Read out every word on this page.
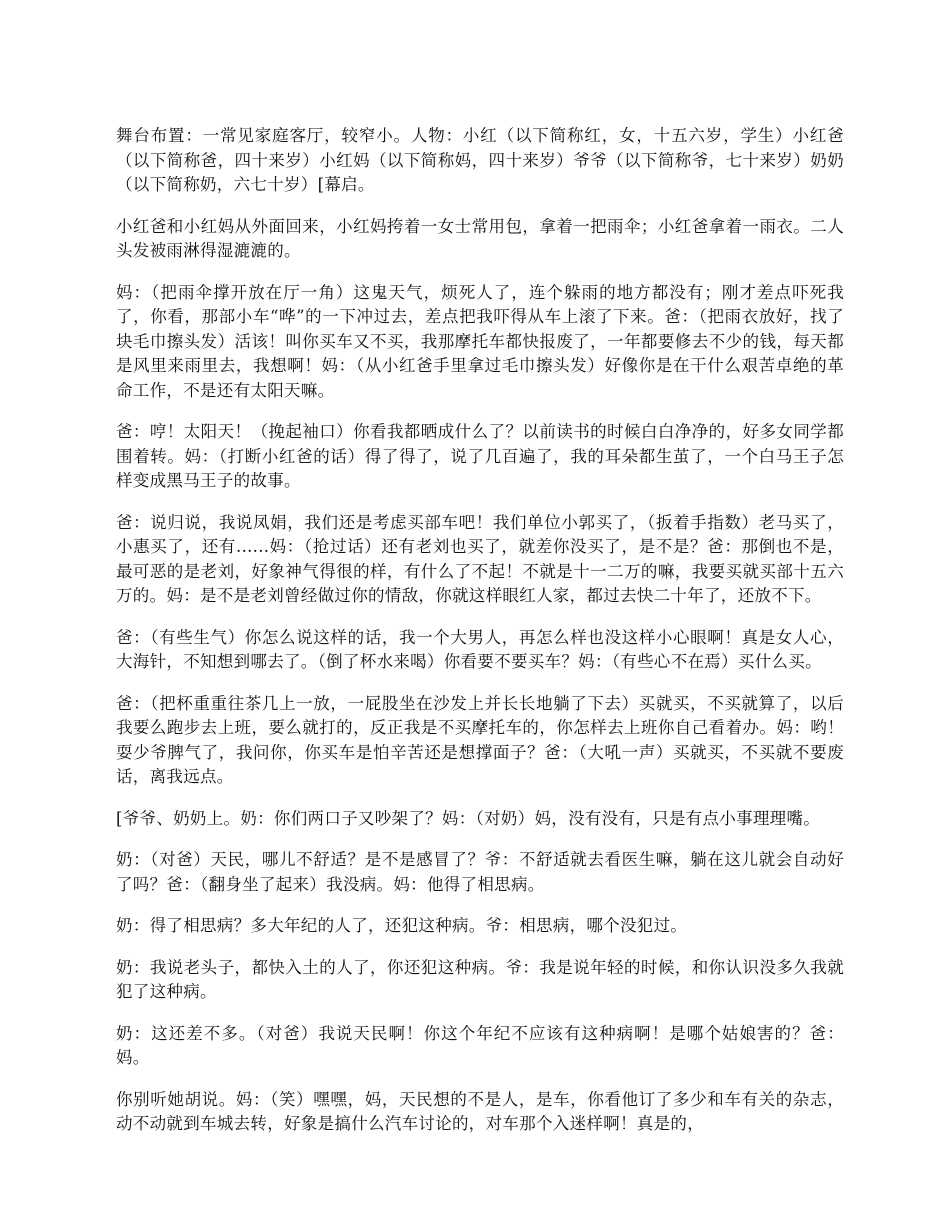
舞台布置：一常见家庭客厅，较窄小。人物：小红（以下简称红，女，十五六岁，学生）小红爸（以下简称爸，四十来岁）小红妈（以下简称妈，四十来岁）爷爷（以下简称爷，七十来岁）奶奶（以下简称奶，六七十岁）[幕启。

小红爸和小红妈从外面回来，小红妈挎着一女士常用包，拿着一把雨伞；小红爸拿着一雨衣。二人头发被雨淋得湿漉漉的。

妈：（把雨伞撑开放在厅一角）这鬼天气，烦死人了，连个躲雨的地方都没有；刚才差点吓死我了，你看，那部小车“哗”的一下冲过去，差点把我吓得从车上滚了下来。爸：（把雨衣放好，找了块毛巾擦头发）活该！叫你买车又不买，我那摩托车都快报废了，一年都要修去不少的钱，每天都是风里来雨里去，我想啊！妈：（从小红爸手里拿过毛巾擦头发）好像你是在干什么艰苦卓绝的革命工作，不是还有太阳天嘛。

爸：哼！太阳天！（挽起袖口）你看我都晒成什么了？以前读书的时候白白净净的，好多女同学都围着转。妈：（打断小红爸的话）得了得了，说了几百遍了，我的耳朵都生茧了，一个白马王子怎样变成黑马王子的故事。

爸：说归说，我说凤娟，我们还是考虑买部车吧！我们单位小郭买了，（扳着手指数）老马买了，小惠买了，还有......妈：（抢过话）还有老刘也买了，就差你没买了，是不是？爸：那倒也不是，最可恶的是老刘，好象神气得很的样，有什么了不起！不就是十一二万的嘛，我要买就买部十五六万的。妈：是不是老刘曾经做过你的情敌，你就这样眼红人家，都过去快二十年了，还放不下。

爸：（有些生气）你怎么说这样的话，我一个大男人，再怎么样也没这样小心眼啊！真是女人心，大海针，不知想到哪去了。（倒了杯水来喝）你看要不要买车？妈：（有些心不在焉）买什么买。

爸：（把杯重重往茶几上一放，一屁股坐在沙发上并长长地躺了下去）买就买，不买就算了，以后我要么跑步去上班，要么就打的，反正我是不买摩托车的，你怎样去上班你自己看着办。妈：哟！耍少爷脾气了，我问你，你买车是怕辛苦还是想撑面子？爸：（大吼一声）买就买，不买就不要废话，离我远点。

[爷爷、奶奶上。奶：你们两口子又吵架了？妈：（对奶）妈，没有没有，只是有点小事理理嘴。

奶：（对爸）天民，哪儿不舒适？是不是感冒了？爷：不舒适就去看医生嘛，躺在这儿就会自动好了吗？爸：（翻身坐了起来）我没病。妈：他得了相思病。

奶：得了相思病？多大年纪的人了，还犯这种病。爷：相思病，哪个没犯过。

奶：我说老头子，都快入土的人了，你还犯这种病。爷：我是说年轻的时候，和你认识没多久我就犯了这种病。

奶：这还差不多。（对爸）我说天民啊！你这个年纪不应该有这种病啊！是哪个姑娘害的？爸：妈。

你别听她胡说。妈：（笑）嘿嘿，妈，天民想的不是人，是车，你看他订了多少和车有关的杂志，动不动就到车城去转，好象是搞什么汽车讨论的，对车那个入迷样啊！真是的，
